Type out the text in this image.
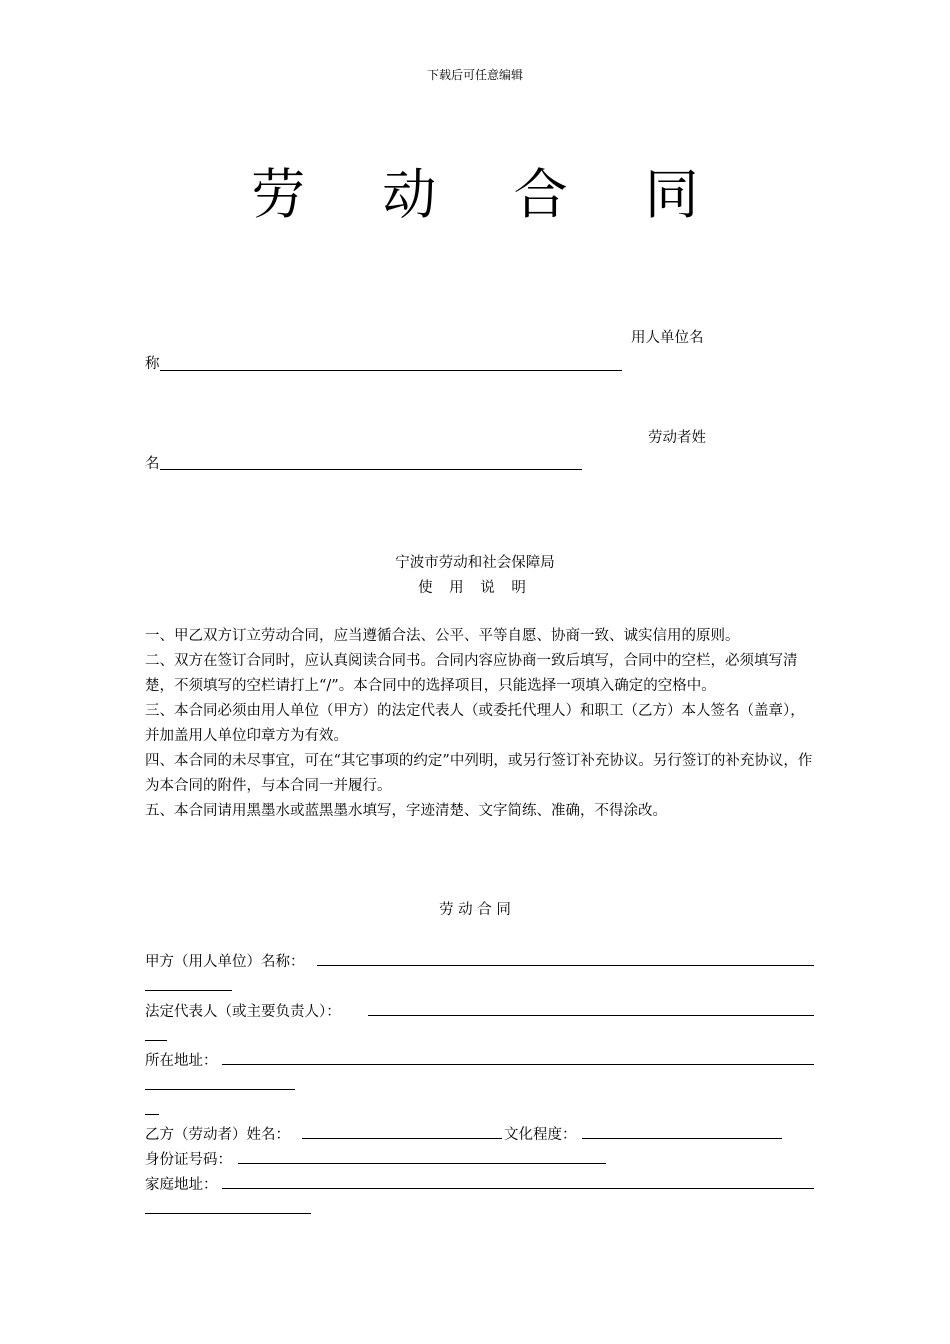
下载后可任意编辑
劳 动 合 同
用人单位名
称
劳动者姓
名
宁波市劳动和社会保障局
使 用 说 明
一、甲乙双方订立劳动合同，应当遵循合法、公平、平等自愿、协商一致、诚实信用的原则。
二、双方在签订合同时，应认真阅读合同书。合同内容应协商一致后填写，合同中的空栏，必须填写清楚，不须填写的空栏请打上“/”。本合同中的选择项目，只能选择一项填入确定的空格中。
三、本合同必须由用人单位（甲方）的法定代表人（或委托代理人）和职工（乙方）本人签名（盖章），并加盖用人单位印章方为有效。
四、本合同的未尽事宜，可在“其它事项的约定”中列明，或另行签订补充协议。另行签订的补充协议，作为本合同的附件，与本合同一并履行。
五、本合同请用黑墨水或蓝黑墨水填写，字迹清楚、文字简练、准确，不得涂改。
劳 动 合 同
甲方（用人单位）名称：
法定代表人（或主要负责人）：
所在地址：
乙方（劳动者）姓名：	文化程度：
身份证号码：
家庭地址：
